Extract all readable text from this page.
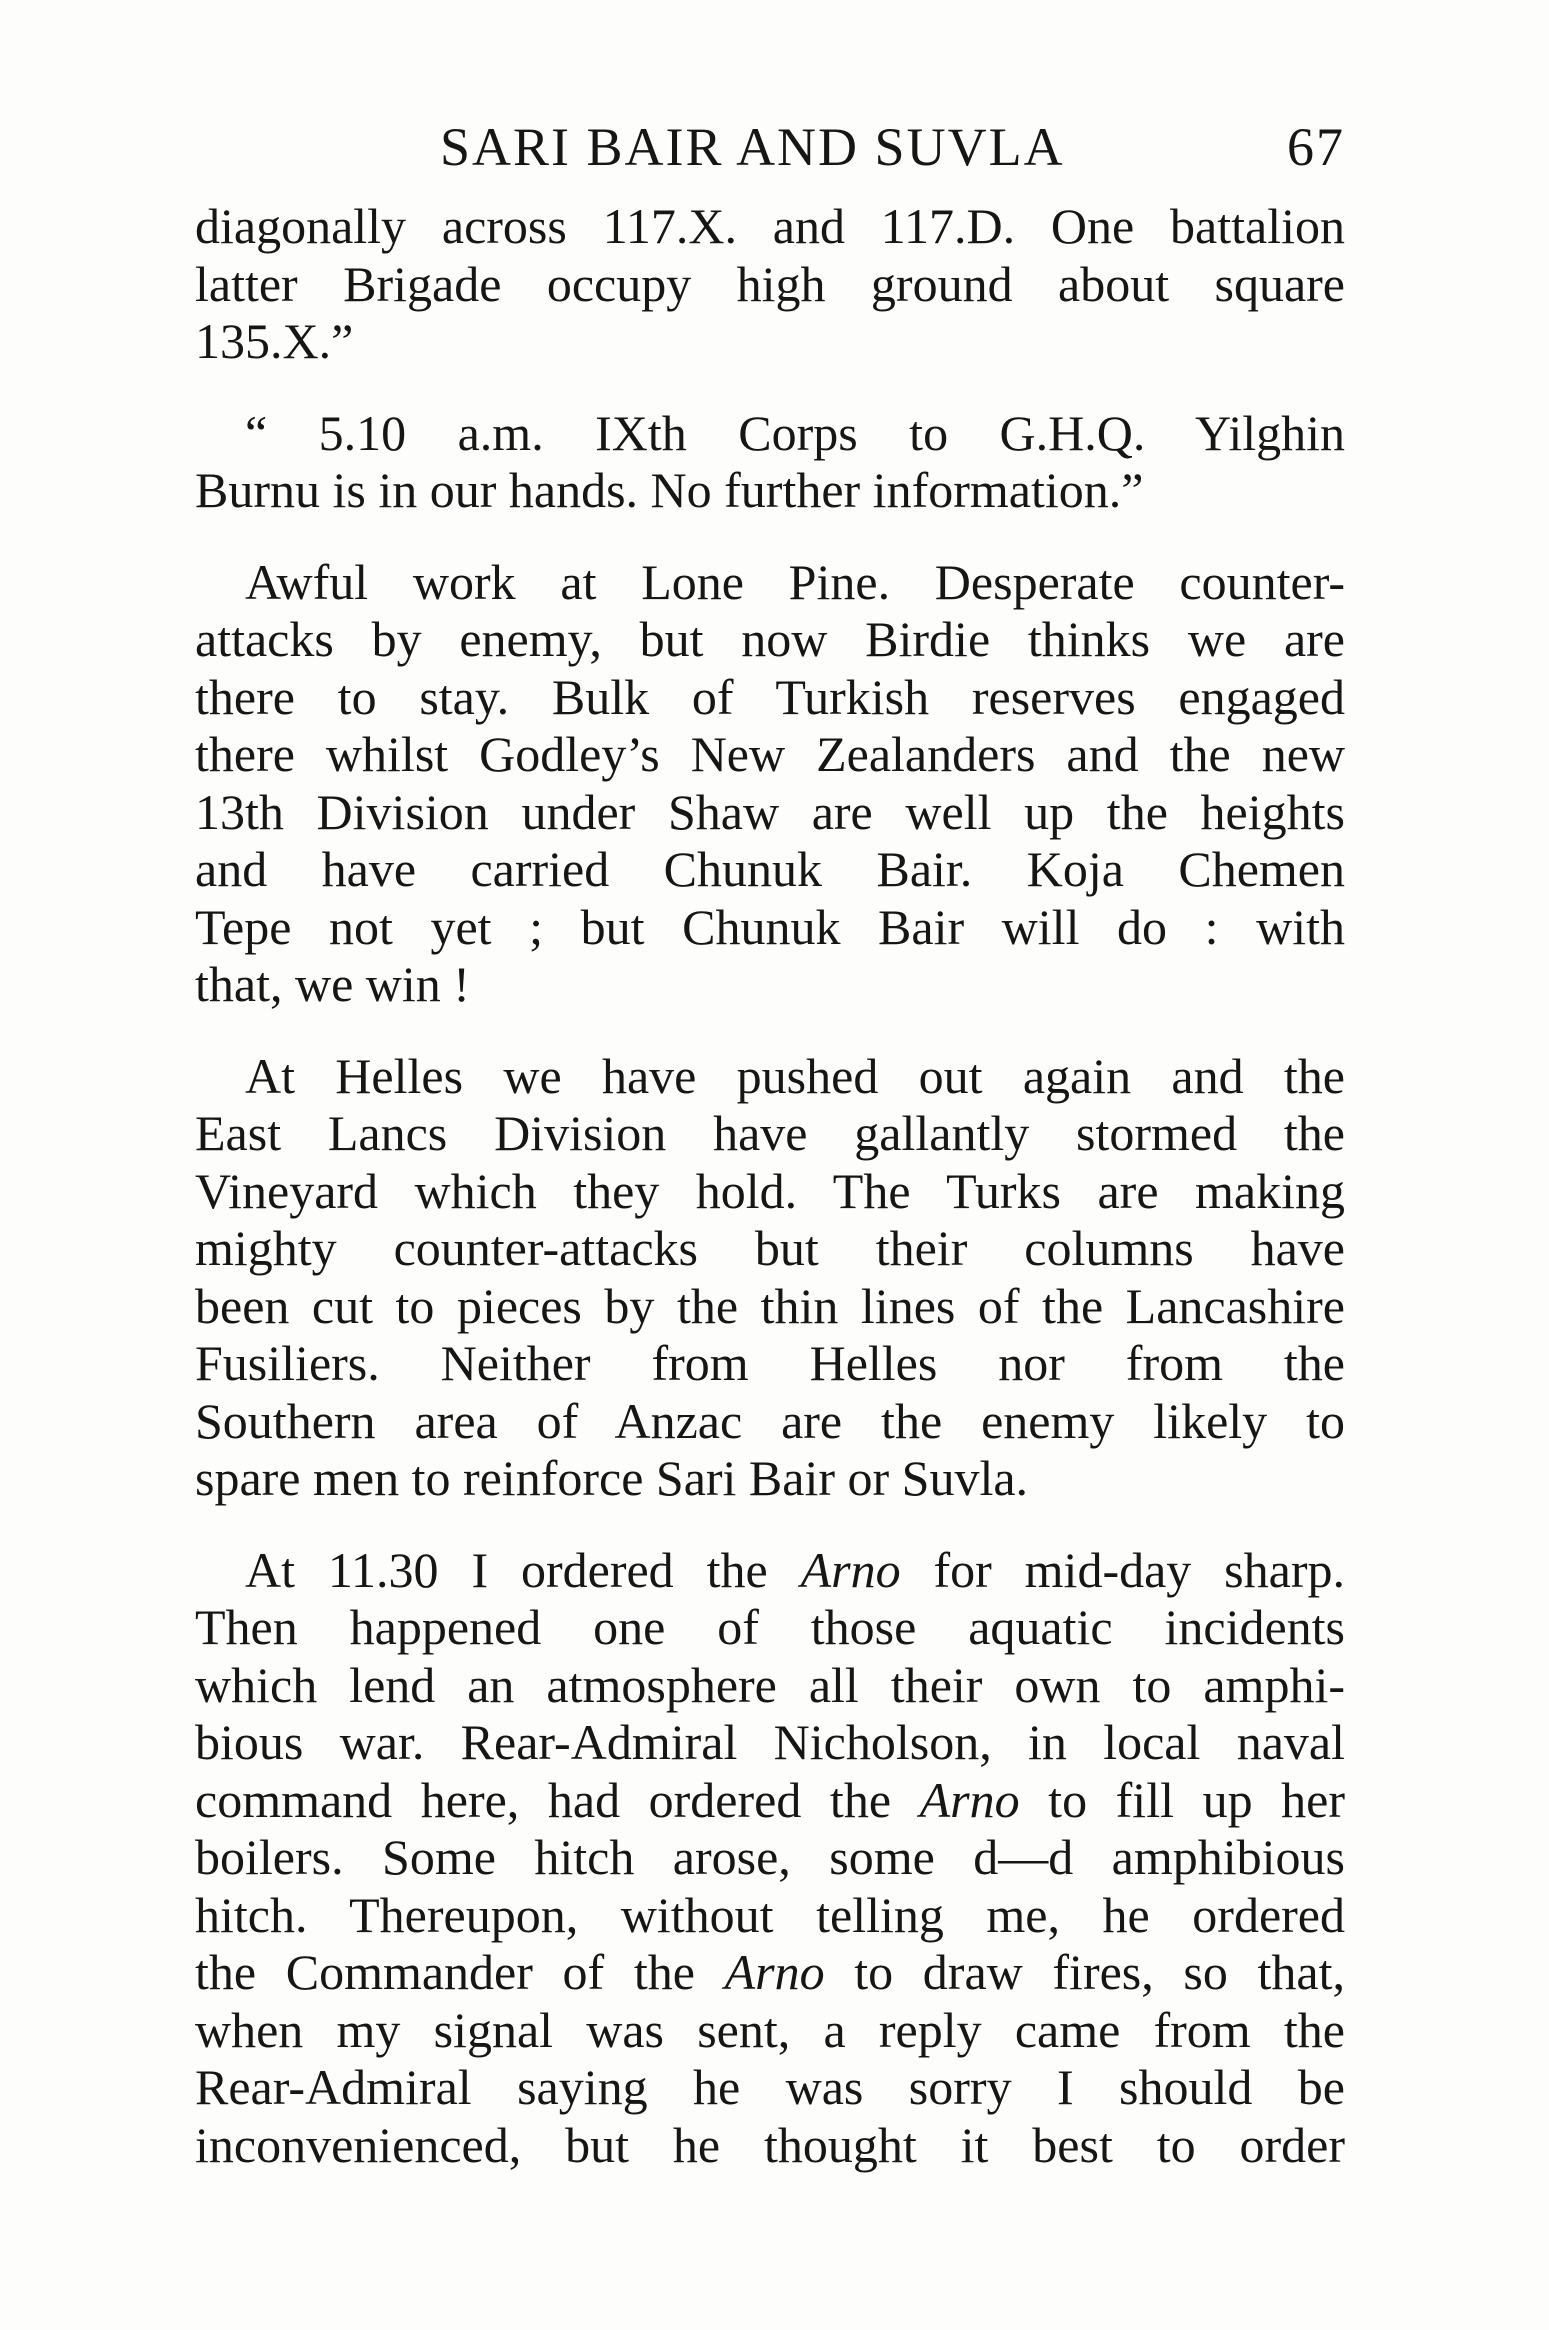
SARI BAIR AND SUVLA	67
diagonally across 117.X. and 117.D. One battalion
latter Brigade occupy high ground about square
135.X.”
“ 5.10 a.m. IXth Corps to G.H.Q. Yilghin
Burnu is in our hands. No further information.”
Awful work at Lone Pine. Desperate counter-
attacks by enemy, but now Birdie thinks we are
there to stay. Bulk of Turkish reserves engaged
there whilst Godley’s New Zealanders and the new
13th Division under Shaw are well up the heights
and have carried Chunuk Bair. Koja Chemen
Tepe not yet ; but Chunuk Bair will do : with
that, we win !
At Helles we have pushed out again and the
East Lancs Division have gallantly stormed the
Vineyard which they hold. The Turks are making
mighty counter-attacks but their columns have
been cut to pieces by the thin lines of the Lancashire
Fusiliers. Neither from Helles nor from the
Southern area of Anzac are the enemy likely to
spare men to reinforce Sari Bair or Suvla.
At 11.30 I ordered the Arno for mid-day sharp.
Then happened one of those aquatic incidents
which lend an atmosphere all their own to amphi-
bious war. Rear-Admiral Nicholson, in local naval
command here, had ordered the Arno to fill up her
boilers. Some hitch arose, some d—d amphibious
hitch. Thereupon, without telling me, he ordered
the Commander of the Arno to draw fires, so that,
when my signal was sent, a reply came from the
Rear-Admiral saying he was sorry I should be
inconvenienced, but he thought it best to order
